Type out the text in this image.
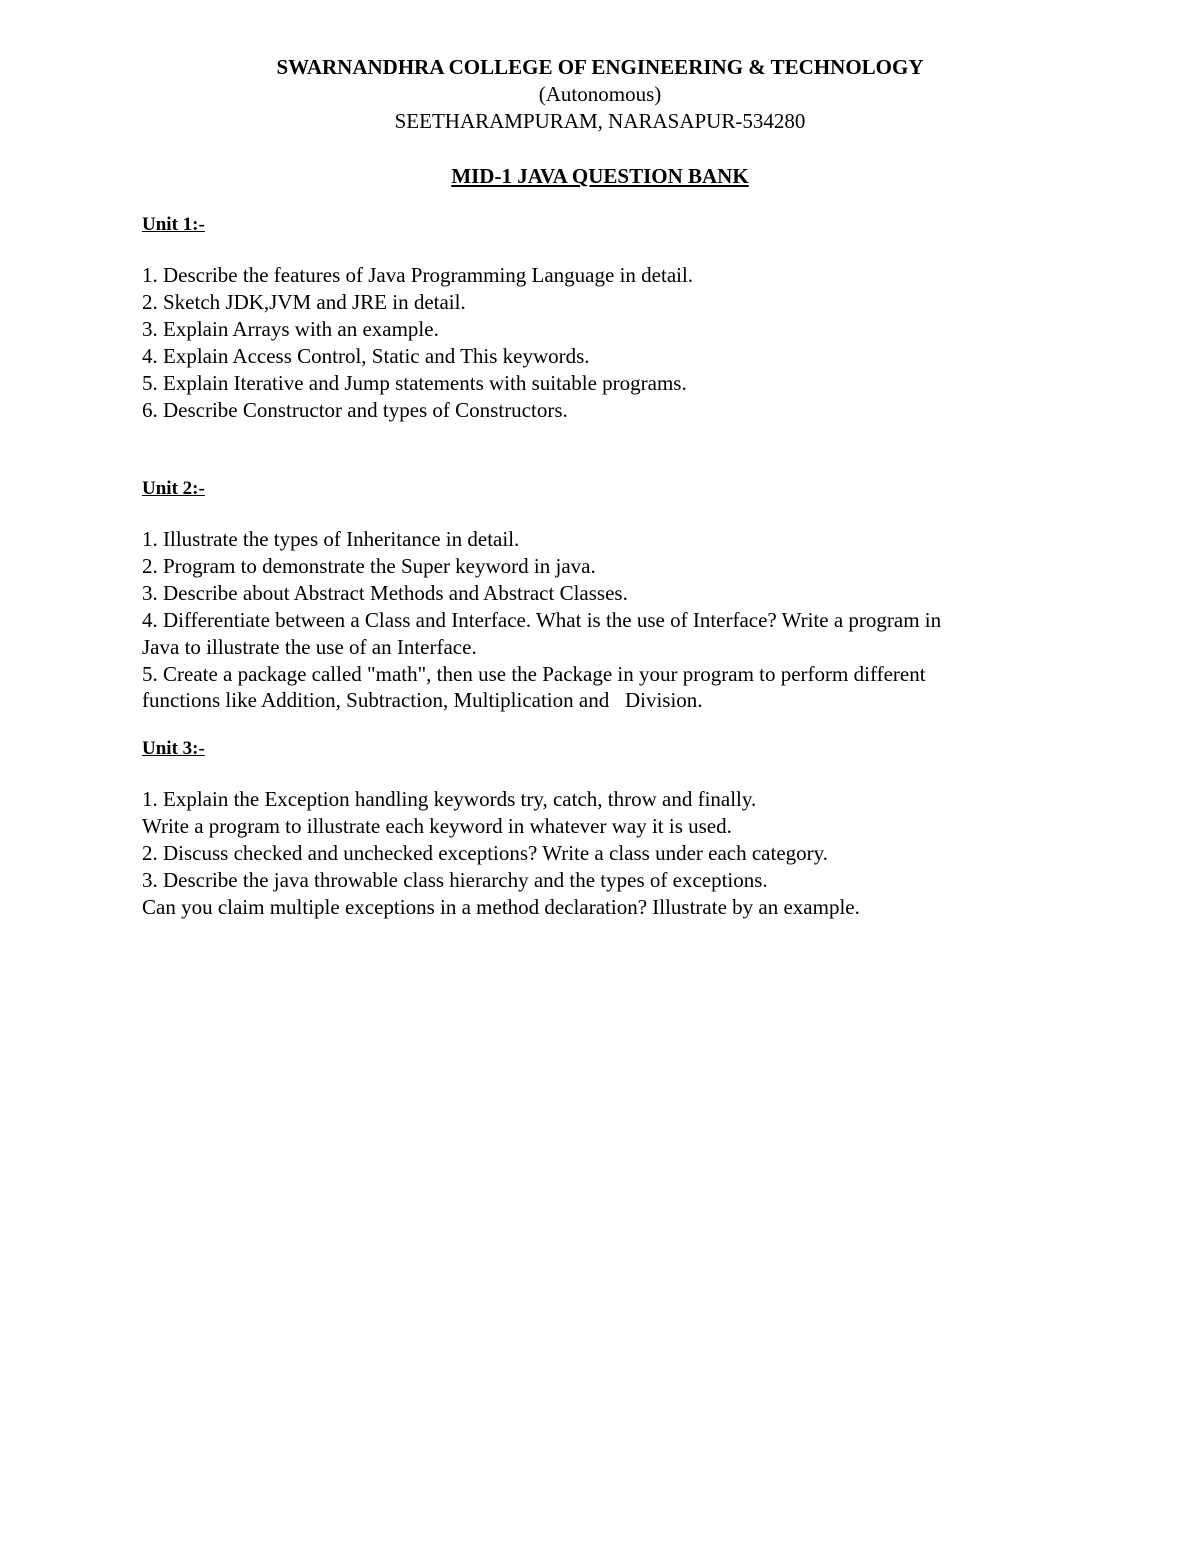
SWARNANDHRA COLLEGE OF ENGINEERING & TECHNOLOGY
(Autonomous)
SEETHARAMPURAM, NARASAPUR-534280
MID-1 JAVA QUESTION BANK

Unit 1:-

1. Describe the features of Java Programming Language in detail.
2. Sketch JDK,JVM and JRE in detail.
3. Explain Arrays with an example.
4. Explain Access Control, Static and This keywords.
5. Explain Iterative and Jump statements with suitable programs.
6. Describe Constructor and types of Constructors.

Unit 2:-

1. Illustrate the types of Inheritance in detail.
2. Program to demonstrate the Super keyword in java.
3. Describe about Abstract Methods and Abstract Classes.
4. Differentiate between a Class and Interface. What is the use of Interface? Write a program in
Java to illustrate the use of an Interface.
5. Create a package called "math", then use the Package in your program to perform different
functions like Addition, Subtraction, Multiplication and   Division.

Unit 3:-

1. Explain the Exception handling keywords try, catch, throw and finally.
Write a program to illustrate each keyword in whatever way it is used.
2. Discuss checked and unchecked exceptions? Write a class under each category.
3. Describe the java throwable class hierarchy and the types of exceptions.
Can you claim multiple exceptions in a method declaration? Illustrate by an example.
